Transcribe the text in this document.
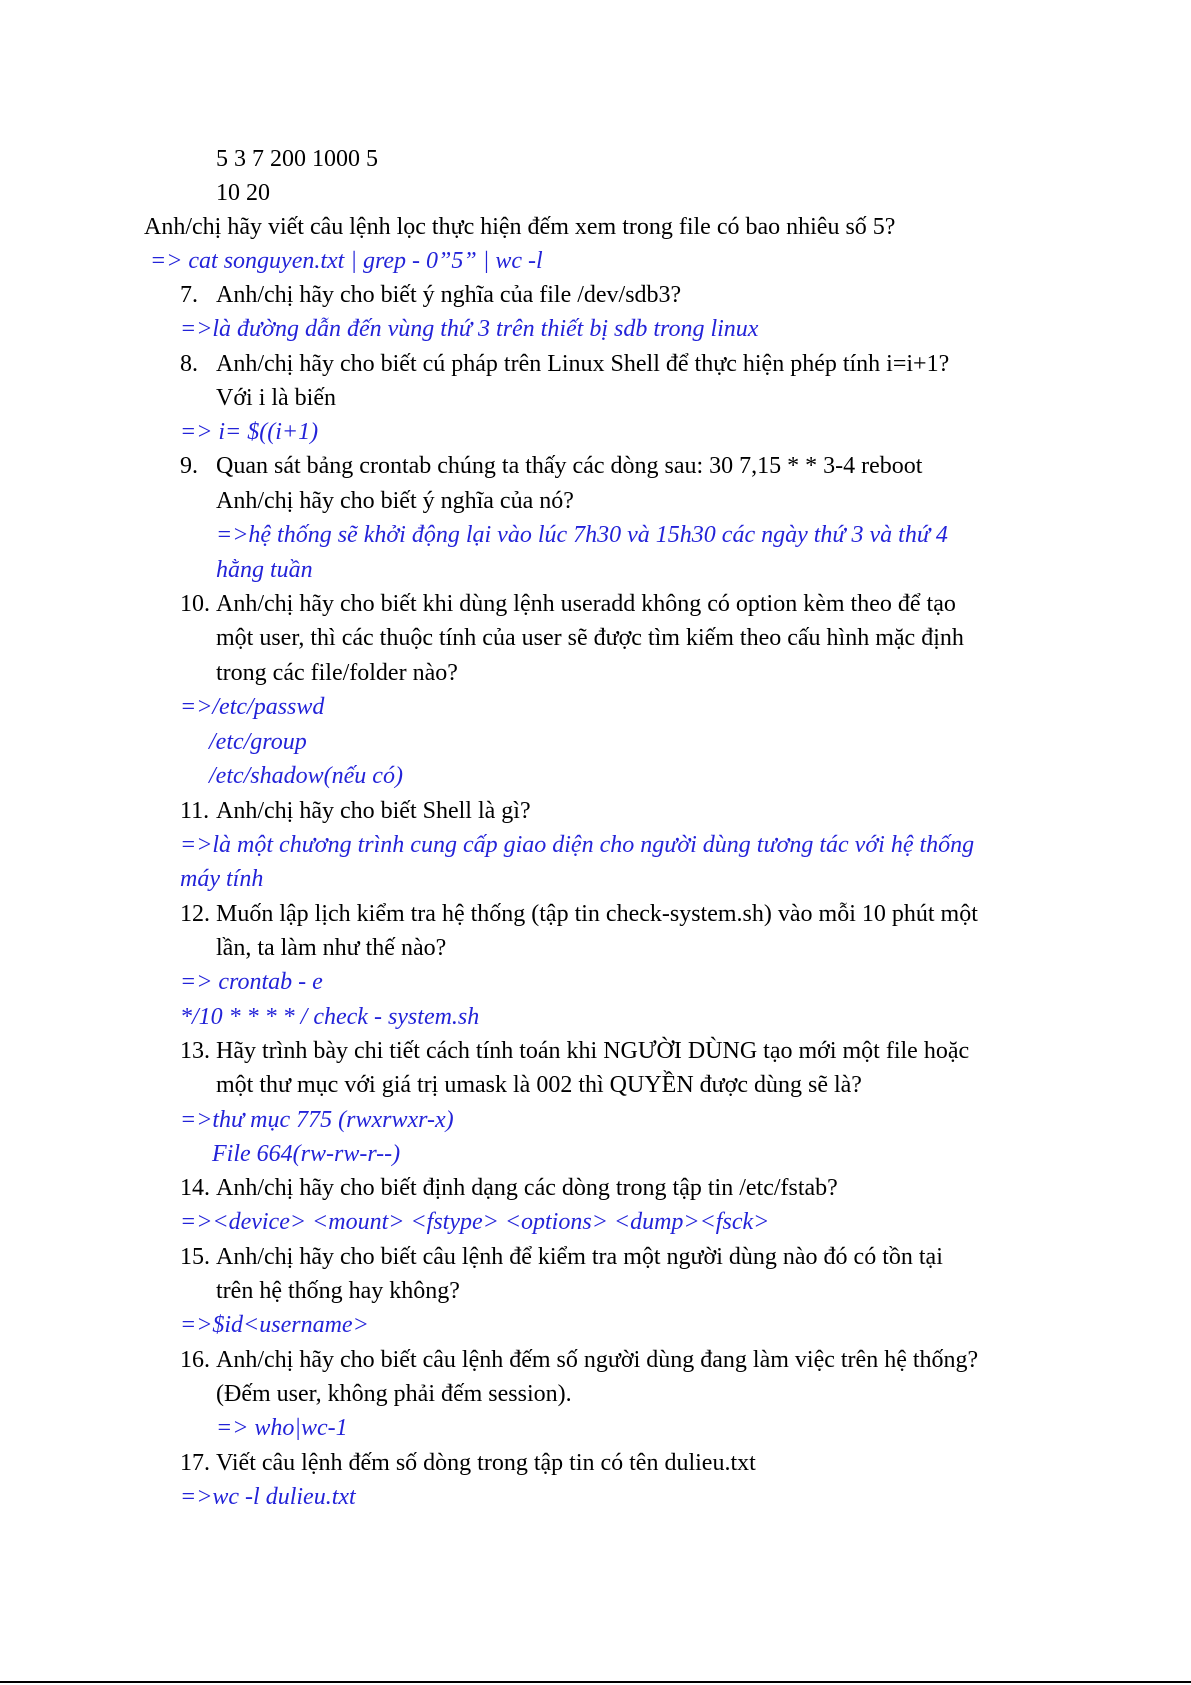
5 3 7 200 1000 5
10 20
Anh/chị hãy viết câu lệnh lọc thực hiện đếm xem trong file có bao nhiêu số 5?
=> cat songuyen.txt | grep - 0”5” | wc -l
7. Anh/chị hãy cho biết ý nghĩa của file /dev/sdb3?
=>là đường dẫn đến vùng thứ 3 trên thiết bị sdb trong linux
8. Anh/chị hãy cho biết cú pháp trên Linux Shell để thực hiện phép tính i=i+1?
Với i là biến
=> i= $((i+1)
9. Quan sát bảng crontab chúng ta thấy các dòng sau: 30 7,15 * * 3-4 reboot
Anh/chị hãy cho biết ý nghĩa của nó?
=>hệ thống sẽ khởi động lại vào lúc 7h30 và 15h30 các ngày thứ 3 và thứ 4
hằng tuần
10. Anh/chị hãy cho biết khi dùng lệnh useradd không có option kèm theo để tạo
một user, thì các thuộc tính của user sẽ được tìm kiếm theo cấu hình mặc định
trong các file/folder nào?
=>/etc/passwd
/etc/group
/etc/shadow(nếu có)
11. Anh/chị hãy cho biết Shell là gì?
=>là một chương trình cung cấp giao diện cho người dùng tương tác với hệ thống
máy tính
12. Muốn lập lịch kiểm tra hệ thống (tập tin check-system.sh) vào mỗi 10 phút một
lần, ta làm như thế nào?
=> crontab - e
*/10 * * * * / check - system.sh
13. Hãy trình bày chi tiết cách tính toán khi NGƯỜI DÙNG tạo mới một file hoặc
một thư mục với giá trị umask là 002 thì QUYỀN được dùng sẽ là?
=>thư mục 775 (rwxrwxr-x)
File 664(rw-rw-r--)
14. Anh/chị hãy cho biết định dạng các dòng trong tập tin /etc/fstab?
=><device> <mount> <fstype> <options> <dump><fsck>
15. Anh/chị hãy cho biết câu lệnh để kiểm tra một người dùng nào đó có tồn tại
trên hệ thống hay không?
=>$id<username>
16. Anh/chị hãy cho biết câu lệnh đếm số người dùng đang làm việc trên hệ thống?
(Đếm user, không phải đếm session).
=> who|wc-1
17. Viết câu lệnh đếm số dòng trong tập tin có tên dulieu.txt
=>wc -l dulieu.txt
